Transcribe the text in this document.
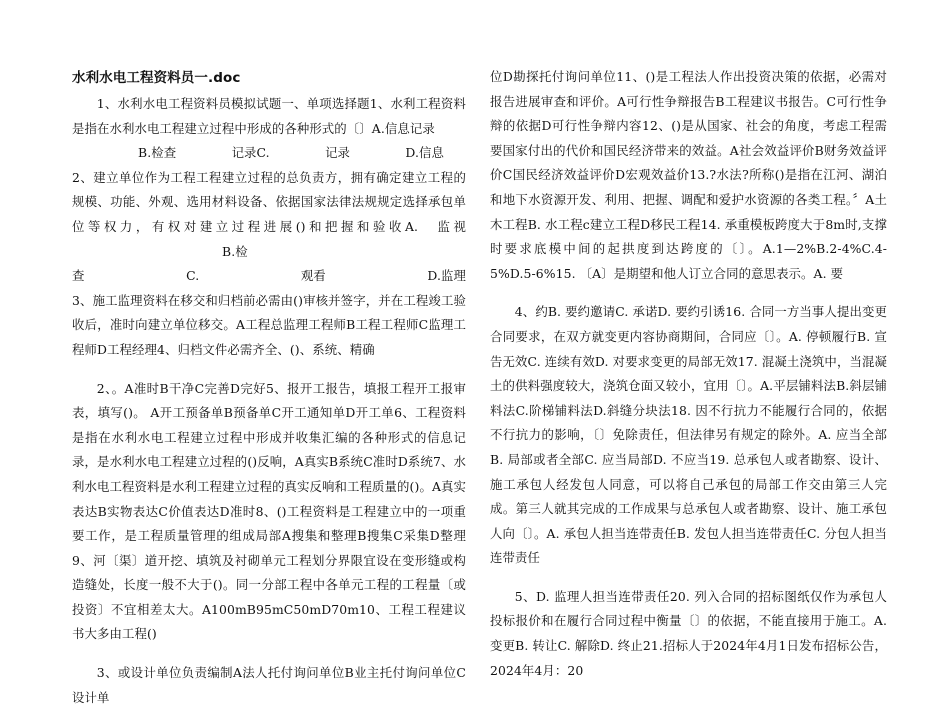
水利水电工程资料员一.doc

1、水利水电工程资料员模拟试题一、单项选择题1、水利工程资料是指在水利水电工程建立过程中形成的各种形式的〔〕A.信息记录

B.检查	记录C.	记录	D.信息

2、建立单位作为工程工程建立过程的总负责方，拥有确定建立工程的规模、功能、外观、选用材料设备、依据国家法律法规规定选择承包单位等权力，有权对建立过程进展()和把握和验收A. 监视B.检

查	C.	观看	D.监理

3、施工监理资料在移交和归档前必需由()审核并签字，并在工程竣工验收后，准时向建立单位移交。A工程总监理工程师B工程工程师C监理工程师D工程经理4、归档文件必需齐全、()、系统、精确

2、。A准时B干净C完善D完好5、报开工报告，填报工程开工报审表，填写()。 A开工预备单B预备单C开工通知单D开工单6、工程资料是指在水利水电工程建立过程中形成并收集汇编的各种形式的信息记录，是水利水电工程建立过程的()反响，A真实B系统C准时D系统7、水利水电工程资料是水利工程建立过程的真实反响和工程质量的()。A真实表达B实物表达C价值表达D准时8、()工程资料是工程建立中的一项重要工作，是工程质量管理的组成局部A搜集和整理B搜集C采集D整理9、河〔渠〕道开挖、填筑及衬砌单元工程划分界限宜设在变形缝或构造缝处，长度一般不大于()。同一分部工程中各单元工程的工程量〔或投资〕不宜相差太大。A100mB95mC50mD70m10、工程工程建议书大多由工程()

3、或设计单位负责编制A法人托付询问单位B业主托付询问单位C设计单

位D勘探托付询问单位11、()是工程法人作出投资决策的依据，必需对报告进展审查和评价。A可行性争辩报告B工程建议书报告。C可行性争辩的依据D可行性争辩内容12、()是从国家、社会的角度，考虑工程需要国家付出的代价和国民经济带来的效益。A社会效益评价B财务效益评价C国民经济效益评价D宏观效益价13.?水法?所称()是指在江河、湖泊和地下水资源开发、利用、把握、调配和爱护水资源的各类工程。〞A土木工程B. 水工程c建立工程D移民工程14. 承重模板跨度大于8m时,支撑时要求底模中间的起拱度到达跨度的〔〕。A.1—2%B.2-4%C.4-5%D.5-6%15. 〔A〕是期望和他人订立合同的意思表示。A. 要

4、约B. 要约邀请C. 承诺D. 要约引诱16. 合同一方当事人提出变更合同要求，在双方就变更内容协商期间，合同应〔〕。A. 停顿履行B. 宣告无效C. 连续有效D. 对要求变更的局部无效17. 混凝土浇筑中，当混凝土的供料强度较大，浇筑仓面又较小，宜用〔〕。A.平层铺料法B.斜层铺料法C.阶梯铺料法D.斜缝分块法18. 因不行抗力不能履行合同的，依据不行抗力的影响，〔〕免除责任，但法律另有规定的除外。A. 应当全部B. 局部或者全部C. 应当局部D. 不应当19. 总承包人或者勘察、设计、施工承包人经发包人同意，可以将自己承包的局部工作交由第三人完成。第三人就其完成的工作成果与总承包人或者勘察、设计、施工承包人向〔〕。A. 承包人担当连带责任B. 发包人担当连带责任C. 分包人担当连带责任

5、D. 监理人担当连带责任20. 列入合同的招标图纸仅作为承包人投标报价和在履行合同过程中衡量〔〕的依据，不能直接用于施工。A. 变更B. 转让C. 解除D. 终止21.招标人于2024年4月1日发布招标公告，2024年4月：20
